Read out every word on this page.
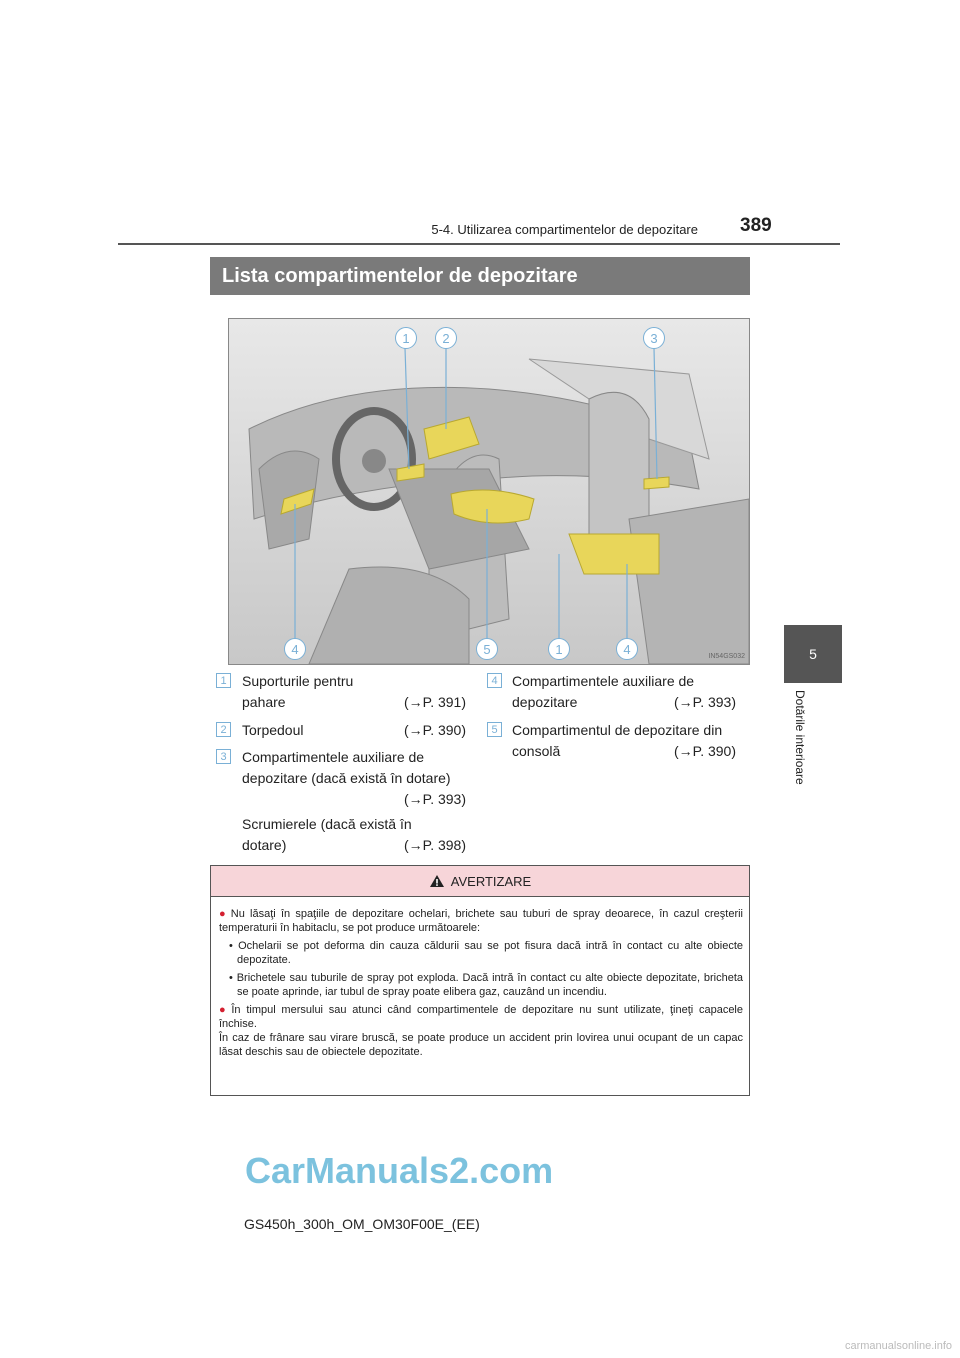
5-4. Utilizarea compartimentelor de depozitare 389
5
Dotările interioare
Lista compartimentelor de depozitare
1	2	3
4	5	1	4	IN54GS032
1	Suporturile pentru
pahare	(→P. 391)
2	Torpedoul	(→P. 390)
3	Compartimentele auxiliare de
depozitare (dacă există în dotare)
(→P. 393)
Scrumierele (dacă există în
dotare)	(→P. 398)
4	Compartimentele auxiliare de
depozitare	(→P. 393)
5	Compartimentul de depozitare din
consolă	(→P. 390)
AVERTIZARE

● Nu lăsaţi în spaţiile de depozitare ochelari, brichete sau tuburi de spray deoarece, în cazul creşterii temperaturii în habitaclu, se pot produce următoarele:

• Ochelarii se pot deforma din cauza căldurii sau se pot fisura dacă intră în contact cu alte obiecte depozitate.

• Brichetele sau tuburile de spray pot exploda. Dacă intră în contact cu alte obiecte depozitate, bricheta se poate aprinde, iar tubul de spray poate elibera gaz, cauzând un incendiu.

● În timpul mersului sau atunci când compartimentele de depozitare nu sunt utilizate, ţineţi capacele închise.

În caz de frânare sau virare bruscă, se poate produce un accident prin lovirea unui ocupant de un capac lăsat deschis sau de obiectele depozitate.

CarManuals2.com
GS450h_300h_OM_OM30F00E_(EE)
carmanualsonline.info
